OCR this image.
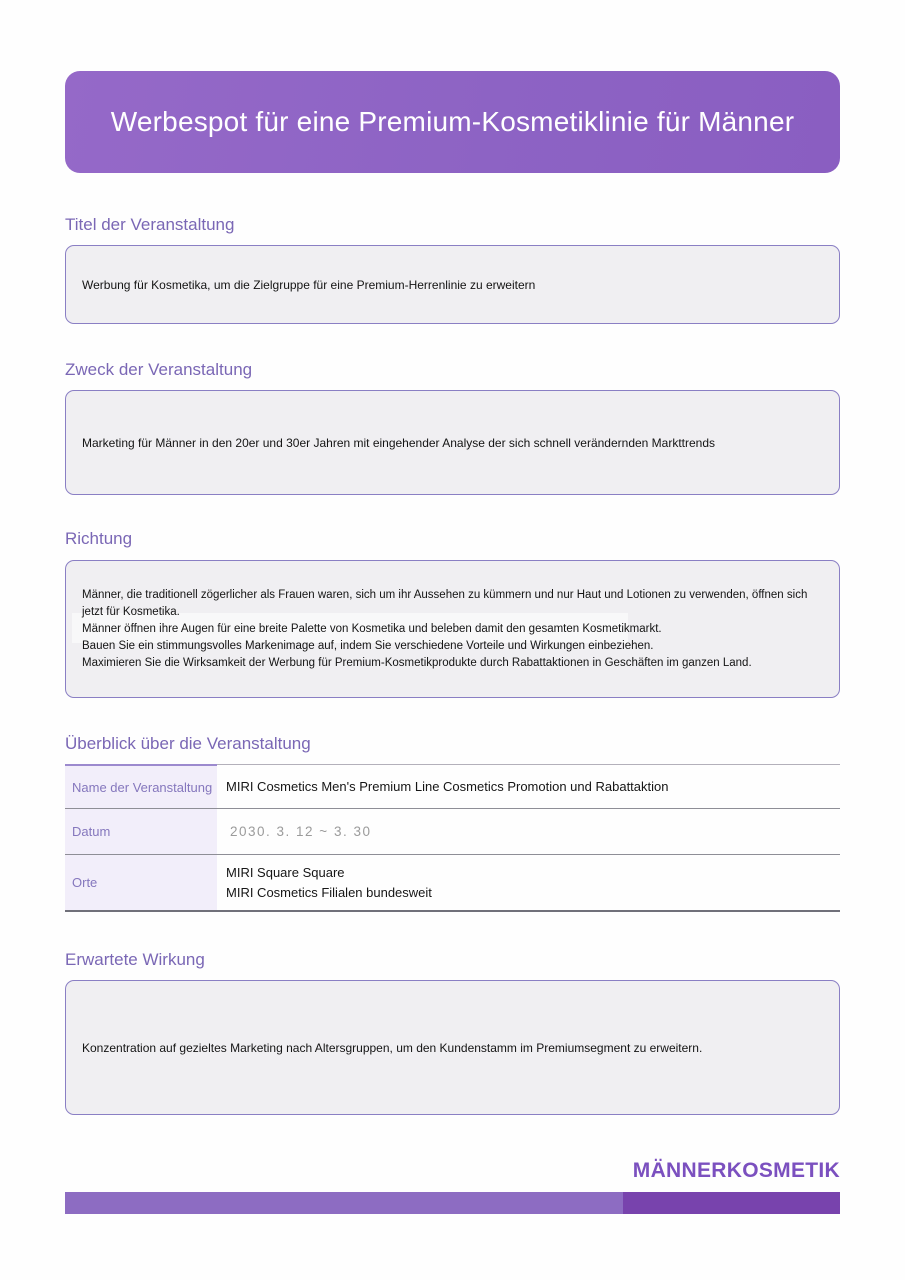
Werbespot für eine Premium-Kosmetiklinie für Männer
Titel der Veranstaltung

Werbung für Kosmetika, um die Zielgruppe für eine Premium-Herrenlinie zu erweitern

Zweck der Veranstaltung

Marketing für Männer in den 20er und 30er Jahren mit eingehender Analyse der sich schnell verändernden Markttrends

Richtung

Männer, die traditionell zögerlicher als Frauen waren, sich um ihr Aussehen zu kümmern und nur Haut und Lotionen zu verwenden, öffnen sich jetzt für Kosmetika.

Männer öffnen ihre Augen für eine breite Palette von Kosmetika und beleben damit den gesamten Kosmetikmarkt.

Bauen Sie ein stimmungsvolles Markenimage auf, indem Sie verschiedene Vorteile und Wirkungen einbeziehen.

Maximieren Sie die Wirksamkeit der Werbung für Premium-Kosmetikprodukte durch Rabattaktionen in Geschäften im ganzen Land.

Überblick über die Veranstaltung
Name der Veranstaltung	MIRI Cosmetics Men's Premium Line Cosmetics Promotion und Rabattaktion
Datum	2030. 3. 12 ~ 3. 30
Orte
MIRI Square Square
MIRI Cosmetics Filialen bundesweit
Erwartete Wirkung

Konzentration auf gezieltes Marketing nach Altersgruppen, um den Kundenstamm im Premiumsegment zu erweitern.

MÄNNERKOSMETIK
